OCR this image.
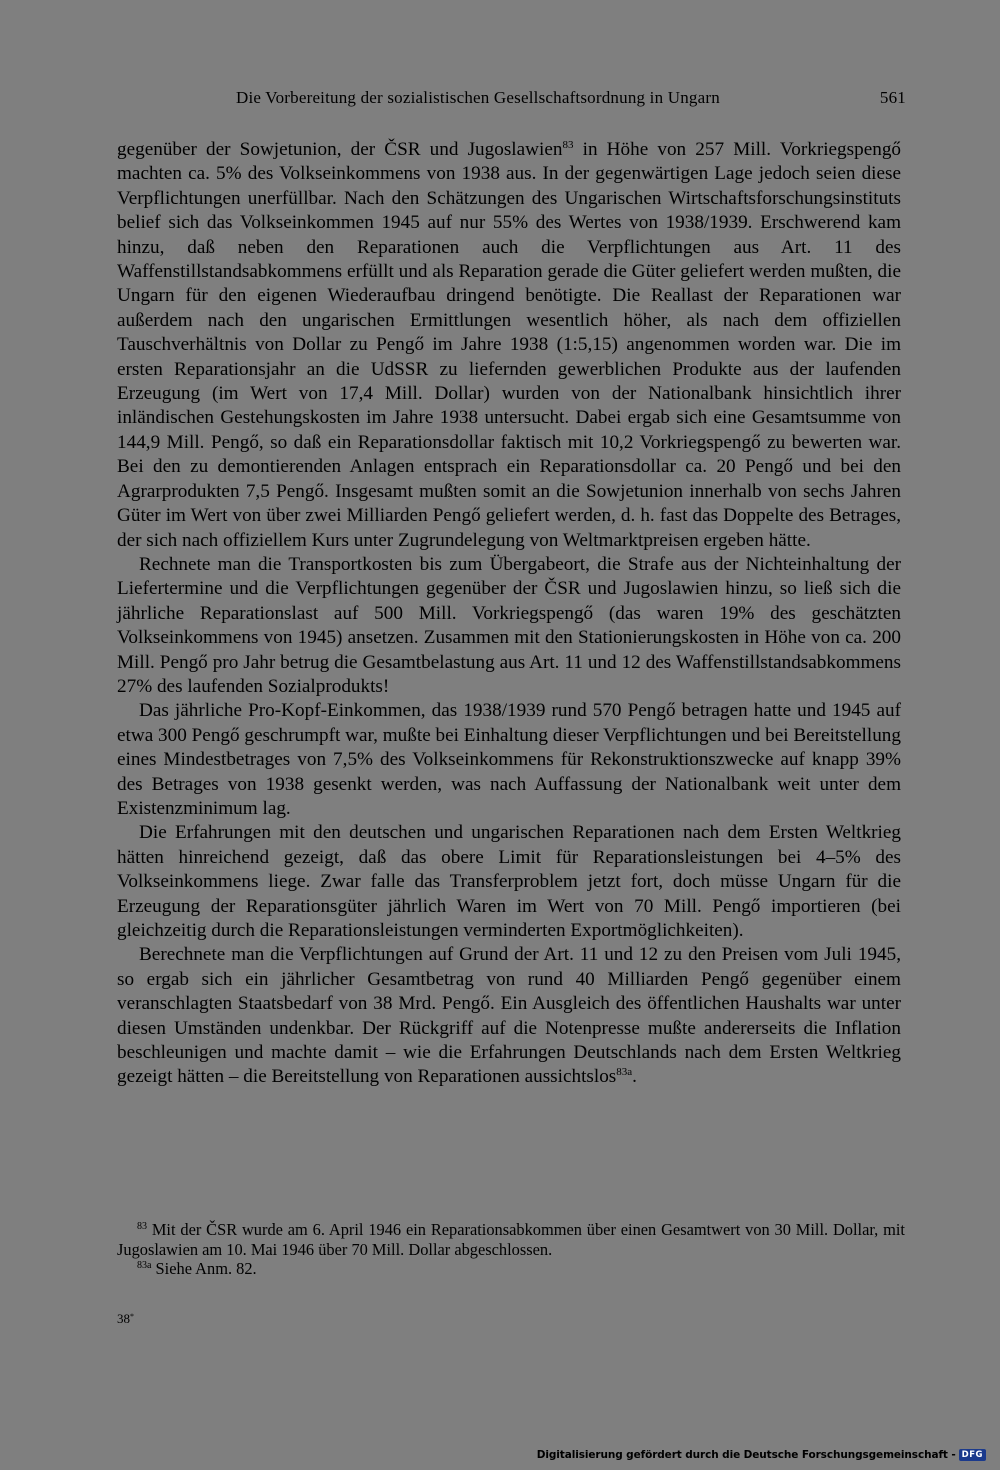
Die Vorbereitung der sozialistischen Gesellschaftsordnung in Ungarn	561

gegenüber der Sowjetunion, der ČSR und Jugoslawien$^{83}$ in Höhe von 257 Mill. Vorkriegspengő machten ca. 5% des Volkseinkommens von 1938 aus. In der gegenwärtigen Lage jedoch seien diese Verpflichtungen unerfüllbar. Nach den Schätzungen des Ungarischen Wirtschaftsforschungsinstituts belief sich das Volkseinkommen 1945 auf nur 55% des Wertes von 1938/1939. Erschwerend kam hinzu, daß neben den Reparationen auch die Verpflichtungen aus Art. 11 des Waffenstillstandsabkommens erfüllt und als Reparation gerade die Güter geliefert werden mußten, die Ungarn für den eigenen Wiederaufbau dringend benötigte. Die Reallast der Reparationen war außerdem nach den ungarischen Ermittlungen wesentlich höher, als nach dem offiziellen Tauschverhältnis von Dollar zu Pengő im Jahre 1938 (1:5,15) angenommen worden war. Die im ersten Reparationsjahr an die UdSSR zu liefernden gewerblichen Produkte aus der laufenden Erzeugung (im Wert von 17,4 Mill. Dollar) wurden von der Nationalbank hinsichtlich ihrer inländischen Gestehungskosten im Jahre 1938 untersucht. Dabei ergab sich eine Gesamtsumme von 144,9 Mill. Pengő, so daß ein Reparationsdollar faktisch mit 10,2 Vorkriegspengő zu bewerten war. Bei den zu demontierenden Anlagen entsprach ein Reparationsdollar ca. 20 Pengő und bei den Agrarprodukten 7,5 Pengő. Insgesamt mußten somit an die Sowjetunion innerhalb von sechs Jahren Güter im Wert von über zwei Milliarden Pengő geliefert werden, d. h. fast das Doppelte des Betrages, der sich nach offiziellem Kurs unter Zugrundelegung von Weltmarktpreisen ergeben hätte.

Rechnete man die Transportkosten bis zum Übergabeort, die Strafe aus der Nichteinhaltung der Liefertermine und die Verpflichtungen gegenüber der ČSR und Jugoslawien hinzu, so ließ sich die jährliche Reparationslast auf 500 Mill. Vorkriegspengő (das waren 19% des geschätzten Volkseinkommens von 1945) ansetzen. Zusammen mit den Stationierungskosten in Höhe von ca. 200 Mill. Pengő pro Jahr betrug die Gesamtbelastung aus Art. 11 und 12 des Waffenstillstandsabkommens 27% des laufenden Sozialprodukts!

Das jährliche Pro-Kopf-Einkommen, das 1938/1939 rund 570 Pengő betragen hatte und 1945 auf etwa 300 Pengő geschrumpft war, mußte bei Einhaltung dieser Verpflichtungen und bei Bereitstellung eines Mindestbetrages von 7,5% des Volkseinkommens für Rekonstruktionszwecke auf knapp 39% des Betrages von 1938 gesenkt werden, was nach Auffassung der Nationalbank weit unter dem Existenzminimum lag.

Die Erfahrungen mit den deutschen und ungarischen Reparationen nach dem Ersten Weltkrieg hätten hinreichend gezeigt, daß das obere Limit für Reparationsleistungen bei 4–5% des Volkseinkommens liege. Zwar falle das Transferproblem jetzt fort, doch müsse Ungarn für die Erzeugung der Reparationsgüter jährlich Waren im Wert von 70 Mill. Pengő importieren (bei gleichzeitig durch die Reparationsleistungen verminderten Exportmöglichkeiten).

Berechnete man die Verpflichtungen auf Grund der Art. 11 und 12 zu den Preisen vom Juli 1945, so ergab sich ein jährlicher Gesamtbetrag von rund 40 Milliarden Pengő gegenüber einem veranschlagten Staatsbedarf von 38 Mrd. Pengő. Ein Ausgleich des öffentlichen Haushalts war unter diesen Umständen undenkbar. Der Rückgriff auf die Notenpresse mußte andererseits die Inflation beschleunigen und machte damit – wie die Erfahrungen Deutschlands nach dem Ersten Weltkrieg gezeigt hätten – die Bereitstellung von Reparationen aussichtslos$^{83a}$.

$^{83}$ Mit der ČSR wurde am 6. April 1946 ein Reparationsabkommen über einen Gesamtwert von 30 Mill. Dollar, mit Jugoslawien am 10. Mai 1946 über 70 Mill. Dollar abgeschlossen.

$^{83a}$ Siehe Anm. 82.

38*
Digitalisierung gefördert durch die Deutsche Forschungsgemeinschaft - DFG
